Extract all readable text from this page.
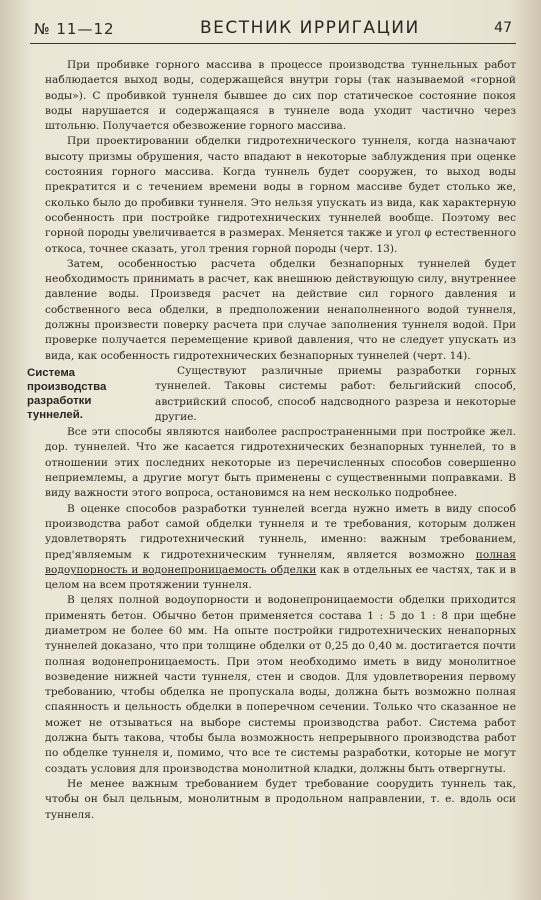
№ 11—12	ВЕСТНИК ИРРИГАЦИИ	47

При пробивке горного массива в процессе производства туннельных работ наблюдается выход воды, содержащейся внутри горы (так называемой «горной воды»). С пробивкой туннеля бывшее до сих пор статическое состояние покоя воды нарушается и содержащаяся в туннеле вода уходит частично через штольню. Получается обезвожение горного массива.

При проектировании обделки гидротехнического туннеля, когда назначают высоту призмы обрушения, часто впадают в некоторые заблуждения при оценке состояния горного массива. Когда туннель будет сооружен, то выход воды прекратится и с течением времени воды в горном массиве будет столько же, сколько было до пробивки туннеля. Это нельзя упускать из вида, как характерную особенность при постройке гидротехнических туннелей вообще. Поэтому вес горной породы увеличивается в размерах. Меняется также и угол φ естественного откоса, точнее сказать, угол трения горной породы (черт. 13).

Затем, особенностью расчета обделки безнапорных туннелей будет необходимость принимать в расчет, как внешнюю действующую силу, внутреннее давление воды. Произведя расчет на действие сил горного давления и собственного веса обделки, в предположении ненаполненного водой туннеля, должны произвести поверку расчета при случае заполнения туннеля водой. При проверке получается перемещение кривой давления, что не следует упускать из вида, как особенность гидротехнических безнапорных туннелей (черт. 14).

Система производства разработки туннелей.

Существуют различные приемы разработки горных туннелей. Таковы системы работ: бельгийский способ, австрийский способ, способ надсводного разреза и некоторые другие.

Все эти способы являются наиболее распространенными при постройке жел. дор. туннелей. Что же касается гидротехнических безнапорных туннелей, то в отношении этих последних некоторые из перечисленных способов совершенно неприемлемы, а другие могут быть применены с существенными поправками. В виду важности этого вопроса, остановимся на нем несколько подробнее.

В оценке способов разработки туннелей всегда нужно иметь в виду способ производства работ самой обделки туннеля и те требования, которым должен удовлетворять гидротехнический туннель, именно: важным требованием, пред'являемым к гидротехническим туннелям, является возможно полная водоупорность и водонепроницаемость обделки как в отдельных ее частях, так и в целом на всем протяжении туннеля.

В целях полной водоупорности и водонепроницаемости обделки приходится применять бетон. Обычно бетон применяется состава 1 : 5 до 1 : 8 при щебне диаметром не более 60 мм. На опыте постройки гидротехнических ненапорных туннелей доказано, что при толщине обделки от 0,25 до 0,40 м. достигается почти полная водонепроницаемость. При этом необходимо иметь в виду монолитное возведение нижней части туннеля, стен и сводов. Для удовлетворения первому требованию, чтобы обделка не пропускала воды, должна быть возможно полная спаянность и цельность обделки в поперечном сечении. Только что сказанное не может не отзываться на выборе системы производства работ. Система работ должна быть такова, чтобы была возможность непрерывного производства работ по обделке туннеля и, помимо, что все те системы разработки, которые не могут создать условия для производства монолитной кладки, должны быть отвергнуты.

Не менее важным требованием будет требование соорудить туннель так, чтобы он был цельным, монолитным в продольном направлении, т. е. вдоль оси туннеля.
